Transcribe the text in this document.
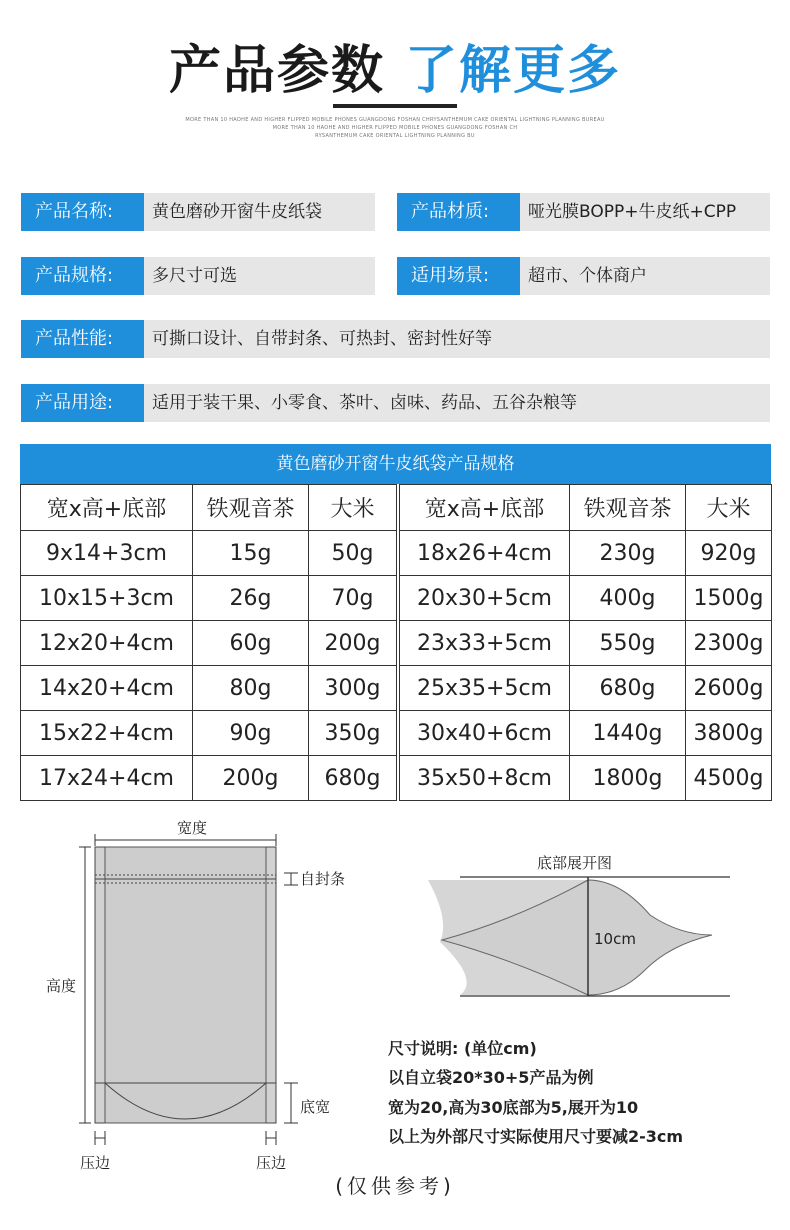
产品参数 了解更多
MORE THAN 10 HAOHE AND HIGHER FLIPPED MOBILE PHONES GUANGDONG FOSHAN CHRYSANTHEMUM CAKE ORIENTAL LIGHTNING PLANNING BUREAU
MORE THAN 10 HAOHE AND HIGHER FLIPPED MOBILE PHONES GUANGDONG FOSHAN CH
RYSANTHEMUM CAKE ORIENTAL LIGHTNING PLANNING BU
产品名称:	黄色磨砂开窗牛皮纸袋	产品材质:	哑光膜BOPP+牛皮纸+CPP
产品规格:	多尺寸可选	适用场景:	超市、个体商户
产品性能:	可撕口设计、自带封条、可热封、密封性好等
产品用途:	适用于装干果、小零食、茶叶、卤味、药品、五谷杂粮等
黄色磨砂开窗牛皮纸袋产品规格
宽x高+底部	铁观音茶	大米
9x14+3cm	15g	50g
10x15+3cm	26g	70g
12x20+4cm	60g	200g
14x20+4cm	80g	300g
15x22+4cm	90g	350g
17x24+4cm	200g	680g
宽x高+底部	铁观音茶	大米
18x26+4cm	230g	920g
20x30+5cm	400g	1500g
23x33+5cm	550g	2300g
25x35+5cm	680g	2600g
30x40+6cm	1440g	3800g
35x50+8cm	1800g	4500g
宽度
自封条
高度
底宽
压边	压边
底部展开图
10cm
尺寸说明: (单位cm)
以自立袋20*30+5产品为例
宽为20,高为30底部为5,展开为10
以上为外部尺寸实际使用尺寸要减2-3cm
(仅供参考)
